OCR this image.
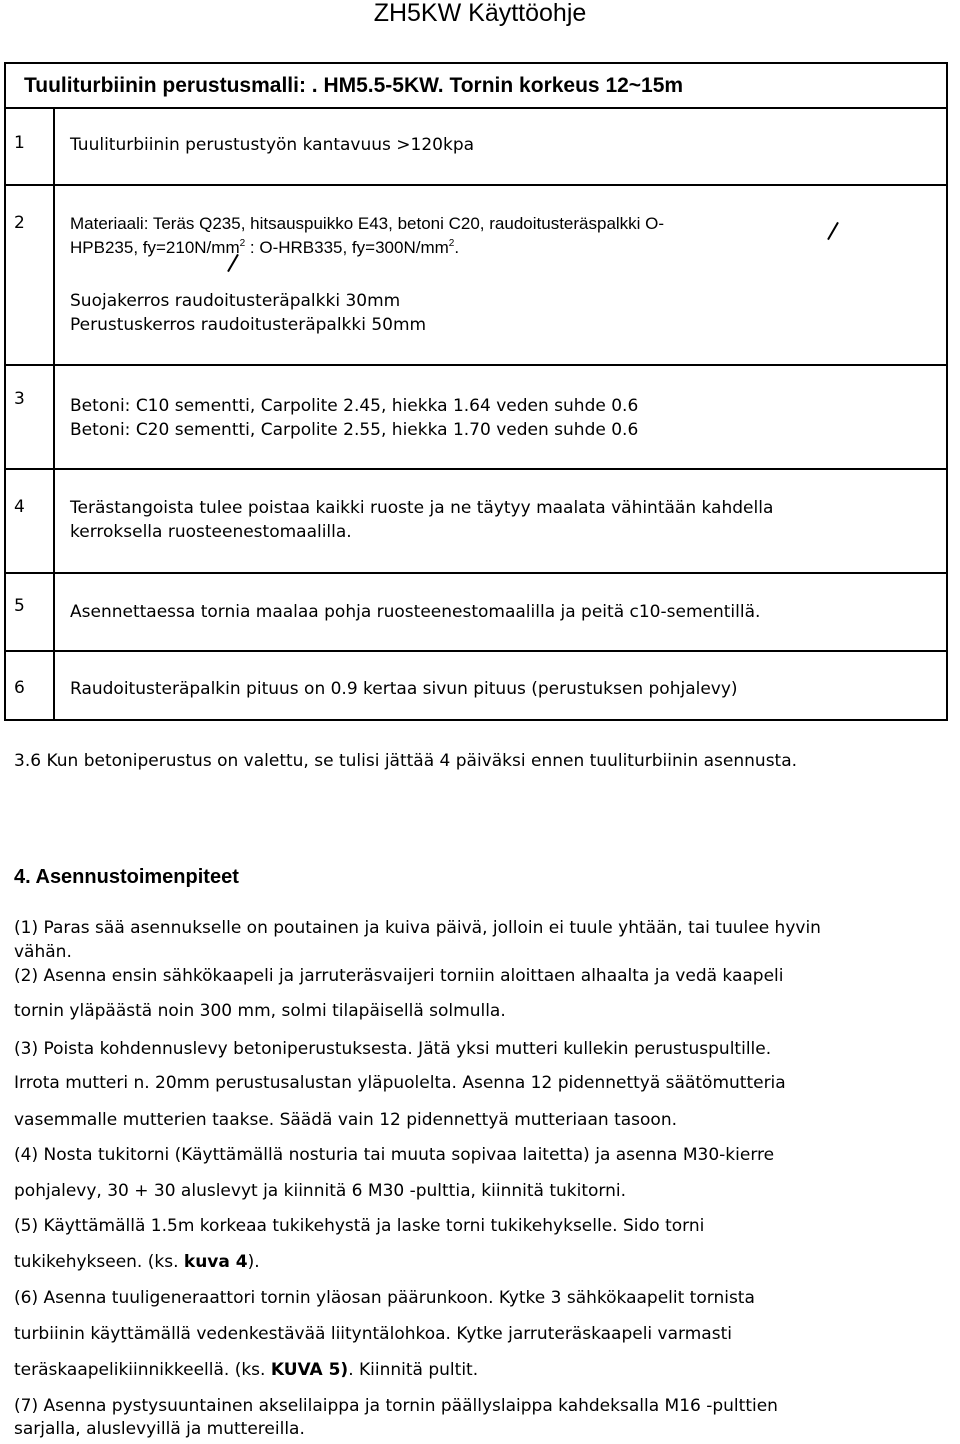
ZH5KW Käyttöohje
Tuuliturbiinin perustusmalli: . HM5.5-5KW. Tornin korkeus 12~15m
1	Tuuliturbiinin perustustyön kantavuus >120kpa
2	Materiaali: Teräs Q235, hitsauspuikko E43, betoni C20, raudoitusteräspalkki O-
HPB235, $fy=210N/mm^2$ : O-HRB335, $fy=300N/mm^2$.
Suojakerros raudoitusteräpalkki 30mm
Perustuskerros raudoitusteräpalkki 50mm
3	Betoni: C10 sementti, Carpolite 2.45, hiekka 1.64 veden suhde 0.6
Betoni: C20 sementti, Carpolite 2.55, hiekka 1.70 veden suhde 0.6
4	Terästangoista tulee poistaa kaikki ruoste ja ne täytyy maalata vähintään kahdella
kerroksella ruosteenestomaalilla.
5	Asennettaessa tornia maalaa pohja ruosteenestomaalilla ja peitä c10-sementillä.
6	Raudoitusteräpalkin pituus on 0.9 kertaa sivun pituus (perustuksen pohjalevy)
3.6 Kun betoniperustus on valettu, se tulisi jättää 4 päiväksi ennen tuuliturbiinin asennusta.
4. Asennustoimenpiteet
(1) Paras sää asennukselle on poutainen ja kuiva päivä, jolloin ei tuule yhtään, tai tuulee hyvin
vähän.
(2) Asenna ensin sähkökaapeli ja jarruteräsvaijeri torniin aloittaen alhaalta ja vedä kaapeli
tornin yläpäästä noin 300 mm, solmi tilapäisellä solmulla.
(3) Poista kohdennuslevy betoniperustuksesta. Jätä yksi mutteri kullekin perustuspultille.
Irrota mutteri n. 20mm perustusalustan yläpuolelta. Asenna 12 pidennettyä säätömutteria
vasemmalle mutterien taakse. Säädä vain 12 pidennettyä mutteriaan tasoon.
(4) Nosta tukitorni (Käyttämällä nosturia tai muuta sopivaa laitetta) ja asenna M30-kierre
pohjalevy, 30 + 30 aluslevyt ja kiinnitä 6 M30 -pulttia, kiinnitä tukitorni.
(5) Käyttämällä 1.5m korkeaa tukikehystä ja laske torni tukikehykselle. Sido torni
tukikehykseen. (ks. kuva 4).
(6) Asenna tuuligeneraattori tornin yläosan päärunkoon. Kytke 3 sähkökaapelit tornista
turbiinin käyttämällä vedenkestävää liityntälohkoa. Kytke jarruteräskaapeli varmasti
teräskaapelikiinnikkeellä. (ks. KUVA 5). Kiinnitä pultit.
(7) Asenna pystysuuntainen akselilaippa ja tornin päällyslaippa kahdeksalla M16 -pulttien
sarjalla, aluslevyillä ja muttereilla.
